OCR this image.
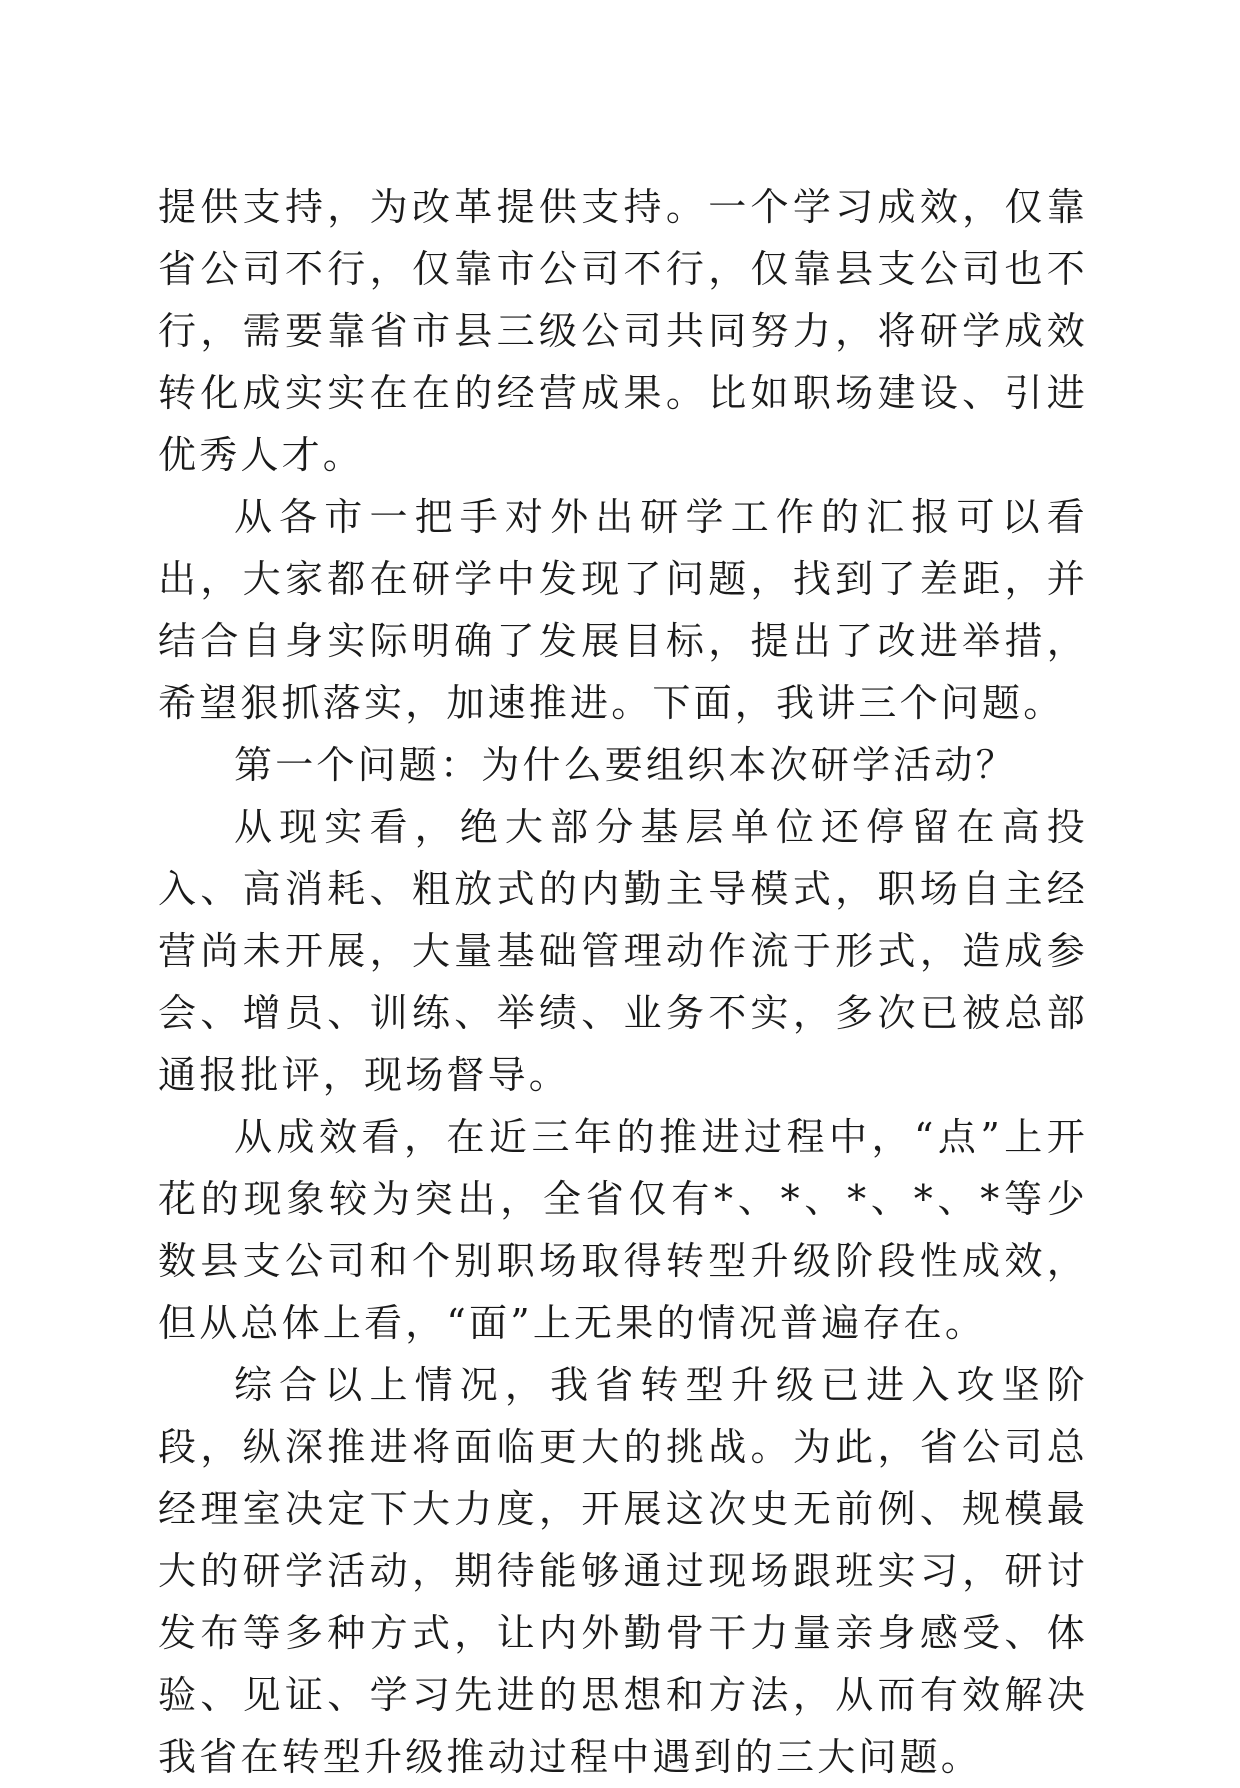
提供支持，为改革提供支持。一个学习成效，仅靠省公司不行，仅靠市公司不行，仅靠县支公司也不行，需要靠省市县三级公司共同努力，将研学成效转化成实实在在的经营成果。比如职场建设、引进优秀人才。

从各市一把手对外出研学工作的汇报可以看出，大家都在研学中发现了问题，找到了差距，并结合自身实际明确了发展目标，提出了改进举措，希望狠抓落实，加速推进。下面，我讲三个问题。

第一个问题：为什么要组织本次研学活动？

从现实看，绝大部分基层单位还停留在高投入、高消耗、粗放式的内勤主导模式，职场自主经营尚未开展，大量基础管理动作流于形式，造成参会、增员、训练、举绩、业务不实，多次已被总部通报批评，现场督导。

从成效看，在近三年的推进过程中，“点”上开花的现象较为突出，全省仅有*、*、*、*、*等少数县支公司和个别职场取得转型升级阶段性成效，但从总体上看，“面”上无果的情况普遍存在。

综合以上情况，我省转型升级已进入攻坚阶段，纵深推进将面临更大的挑战。为此，省公司总经理室决定下大力度，开展这次史无前例、规模最大的研学活动，期待能够通过现场跟班实习，研讨发布等多种方式，让内外勤骨干力量亲身感受、体验、见证、学习先进的思想和方法，从而有效解决我省在转型升级推动过程中遇到的三大问题。
